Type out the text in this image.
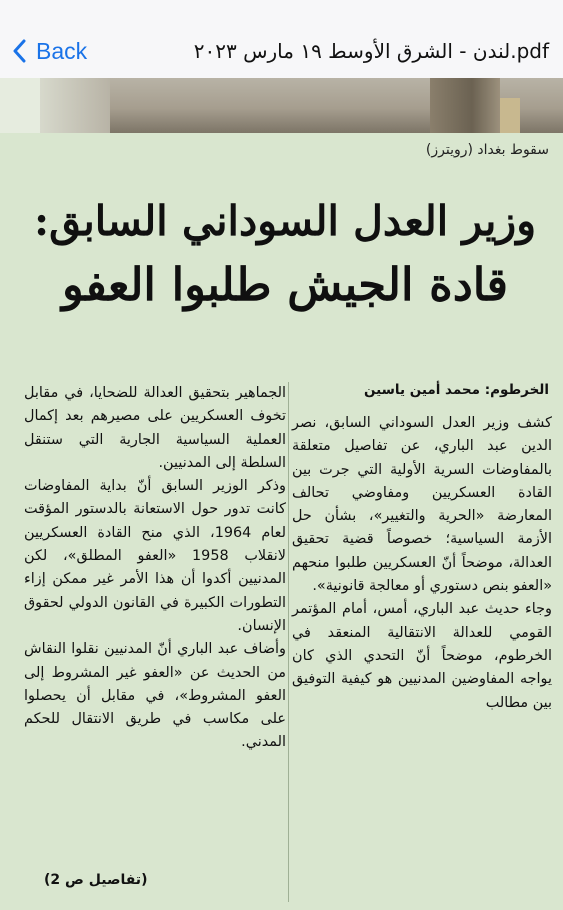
Back	pdf.لندن - الشرق الأوسط ١٩ مارس ٢٠٢٣
سقوط بغداد (رويترز)
وزير العدل السوداني السابق:
قادة الجيش طلبوا العفو
الخرطوم: محمد أمين ياسين

كشف وزير العدل السوداني السابق، نصر الدين عبد الباري، عن تفاصيل متعلقة بالمفاوضات السرية الأولية التي جرت بين القادة العسكريين ومفاوضي تحالف المعارضة «الحرية والتغيير»، بشأن حل الأزمة السياسية؛ خصوصاً قضية تحقيق العدالة، موضحاً أنّ العسكريين طلبوا منحهم «العفو بنص دستوري أو معالجة قانونية».

وجاء حديث عبد الباري، أمس، أمام المؤتمر القومي للعدالة الانتقالية المنعقد في الخرطوم، موضحاً أنّ التحدي الذي كان يواجه المفاوضين المدنيين هو كيفية التوفيق بين مطالب

الجماهير بتحقيق العدالة للضحايا، في مقابل تخوف العسكريين على مصيرهم بعد إكمال العملية السياسية الجارية التي ستنقل السلطة إلى المدنيين.

وذكر الوزير السابق أنّ بداية المفاوضات كانت تدور حول الاستعانة بالدستور المؤقت لعام 1964، الذي منح القادة العسكريين لانقلاب 1958 «العفو المطلق»، لكن المدنيين أكدوا أن هذا الأمر غير ممكن إزاء التطورات الكبيرة في القانون الدولي لحقوق الإنسان.

وأضاف عبد الباري أنّ المدنيين نقلوا النقاش من الحديث عن «العفو غير المشروط إلى العفو المشروط»، في مقابل أن يحصلوا على مكاسب في طريق الانتقال للحكم المدني.

(تفاصيل ص 2)
